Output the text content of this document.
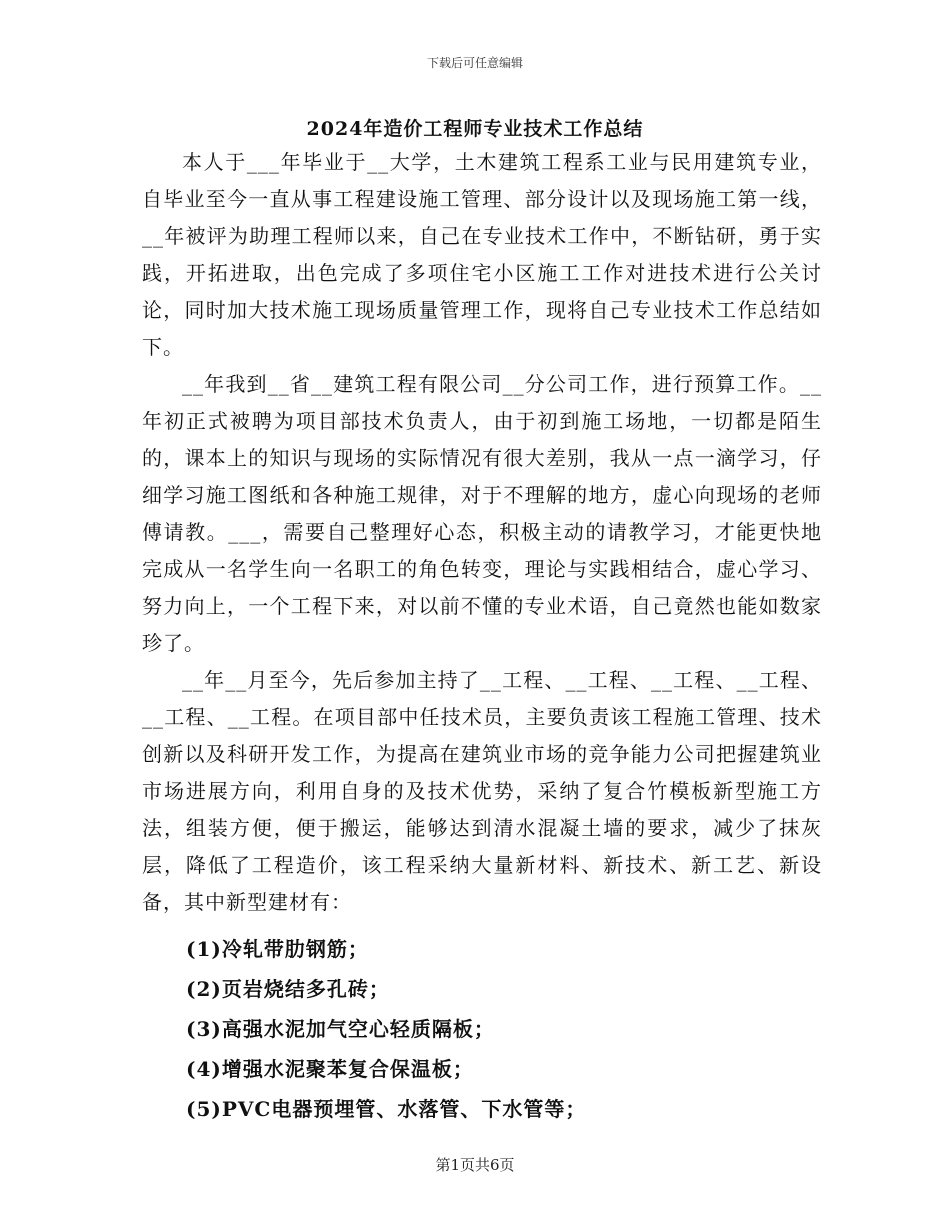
下载后可任意编辑
2024年造价工程师专业技术工作总结

本人于___年毕业于__大学，土木建筑工程系工业与民用建筑专业，自毕业至今一直从事工程建设施工管理、部分设计以及现场施工第一线，__年被评为助理工程师以来，自己在专业技术工作中，不断钻研，勇于实践，开拓进取，出色完成了多项住宅小区施工工作对进技术进行公关讨论，同时加大技术施工现场质量管理工作，现将自己专业技术工作总结如下。

__年我到__省__建筑工程有限公司__分公司工作，进行预算工作。__年初正式被聘为项目部技术负责人，由于初到施工场地，一切都是陌生的，课本上的知识与现场的实际情况有很大差别，我从一点一滴学习，仔细学习施工图纸和各种施工规律，对于不理解的地方，虚心向现场的老师傅请教。___，需要自己整理好心态，积极主动的请教学习，才能更快地完成从一名学生向一名职工的角色转变，理论与实践相结合，虚心学习、努力向上，一个工程下来，对以前不懂的专业术语，自己竟然也能如数家珍了。

__年__月至今，先后参加主持了__工程、__工程、__工程、__工程、__工程、__工程。在项目部中任技术员，主要负责该工程施工管理、技术创新以及科研开发工作，为提高在建筑业市场的竞争能力公司把握建筑业市场进展方向，利用自身的及技术优势，采纳了复合竹模板新型施工方法，组装方便，便于搬运，能够达到清水混凝土墙的要求，减少了抹灰层，降低了工程造价，该工程采纳大量新材料、新技术、新工艺、新设备，其中新型建材有：

(1)冷轧带肋钢筋；
(2)页岩烧结多孔砖；
(3)高强水泥加气空心轻质隔板；
(4)增强水泥聚苯复合保温板；
(5)PVC电器预埋管、水落管、下水管等；
第1页共6页
